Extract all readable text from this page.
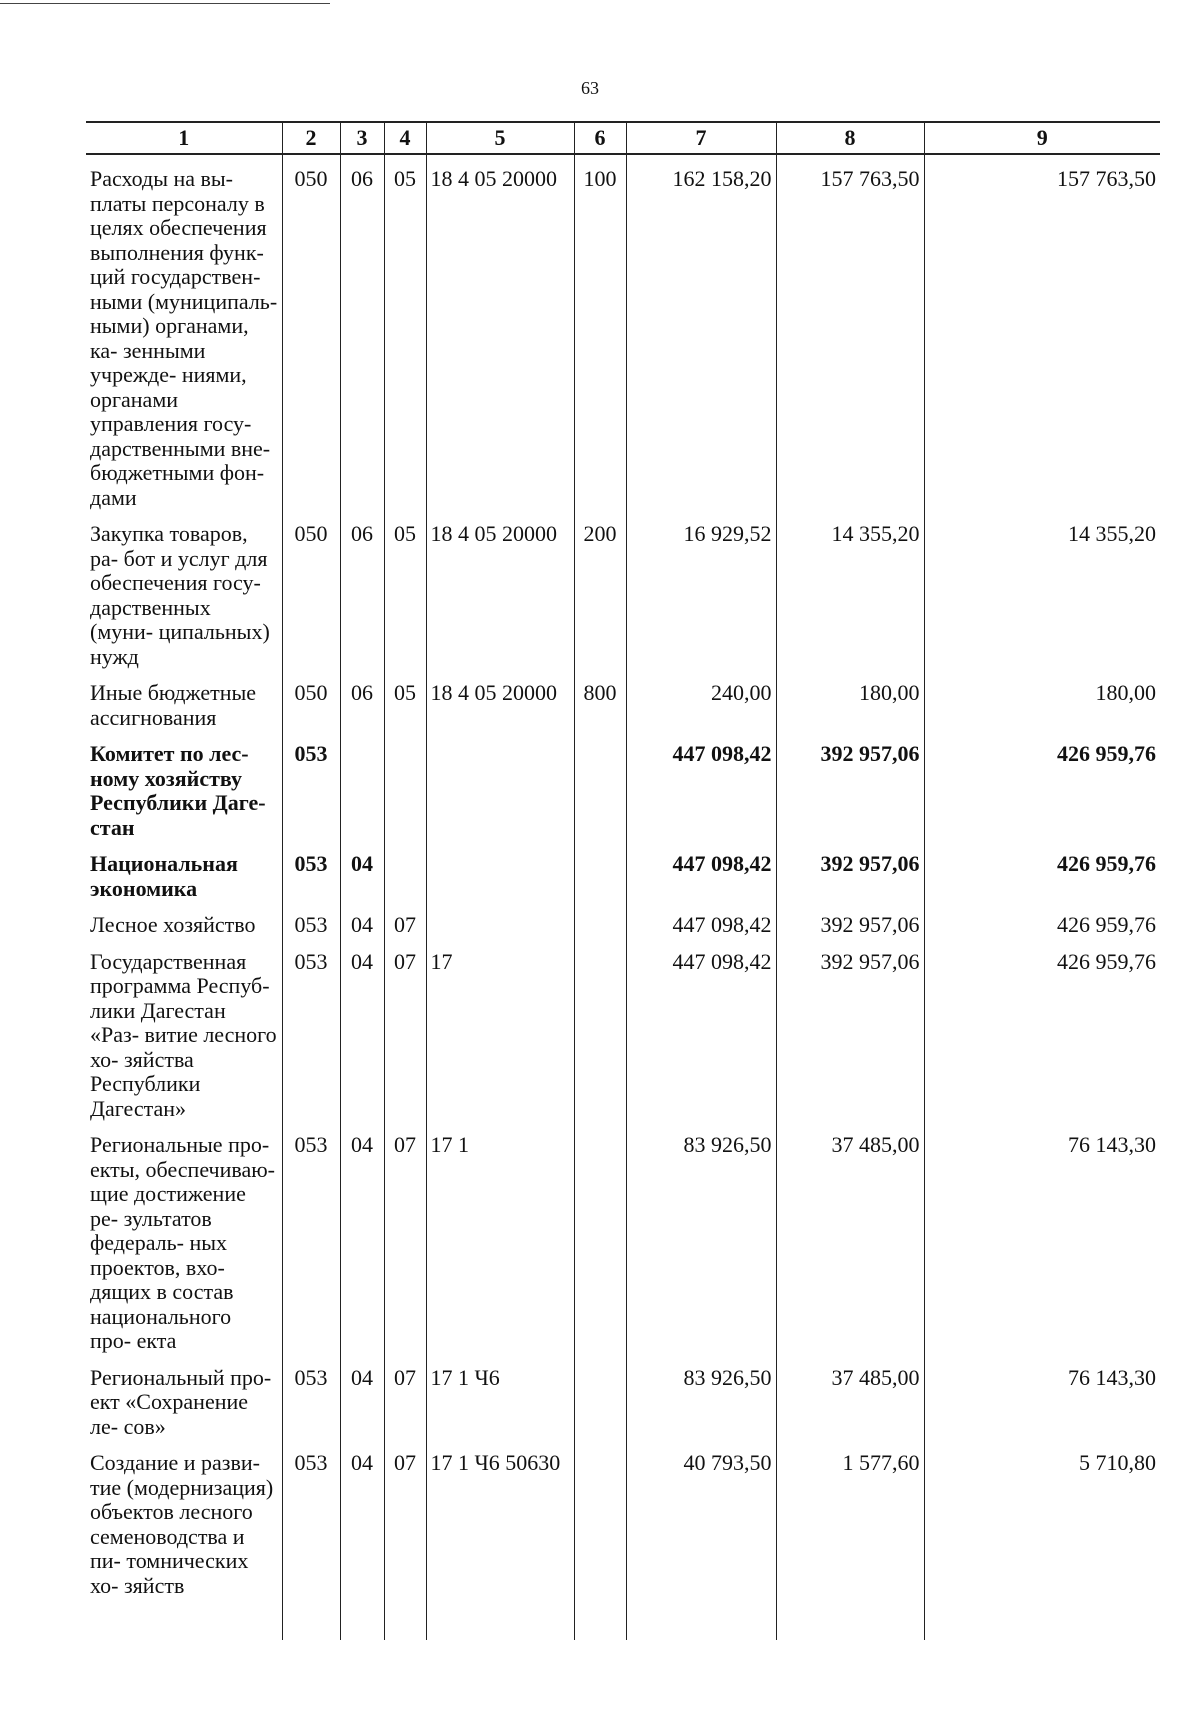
63
1	2	3	4	5	6	7	8	9
Расходы на вы- платы персоналу в целях обеспечения выполнения функ- ций государствен- ными (муниципаль- ными) органами, ка- зенными учрежде- ниями, органами управления госу- дарственными вне- бюджетными фон- дами	050	06	05	18 4 05 20000	100	162 158,20	157 763,50	157 763,50
Закупка товаров, ра- бот и услуг для обеспечения госу- дарственных (муни- ципальных) нужд	050	06	05	18 4 05 20000	200	16 929,52	14 355,20	14 355,20
Иные бюджетные ассигнования	050	06	05	18 4 05 20000	800	240,00	180,00	180,00
Комитет по лес- ному хозяйству Республики Даге- стан	053					447 098,42	392 957,06	426 959,76
Национальная экономика	053	04				447 098,42	392 957,06	426 959,76
Лесное хозяйство	053	04	07			447 098,42	392 957,06	426 959,76
Государственная программа Респуб- лики Дагестан «Раз- витие лесного хо- зяйства Республики Дагестан»	053	04	07	17		447 098,42	392 957,06	426 959,76
Региональные про- екты, обеспечиваю- щие достижение ре- зультатов федераль- ных проектов, вхо- дящих в состав национального про- екта	053	04	07	17 1		83 926,50	37 485,00	76 143,30
Региональный про- ект «Сохранение ле- сов»	053	04	07	17 1 Ч6		83 926,50	37 485,00	76 143,30
Создание и разви- тие (модернизация) объектов лесного семеноводства и пи- томнических хо- зяйств	053	04	07	17 1 Ч6 50630		40 793,50	1 577,60	5 710,80
